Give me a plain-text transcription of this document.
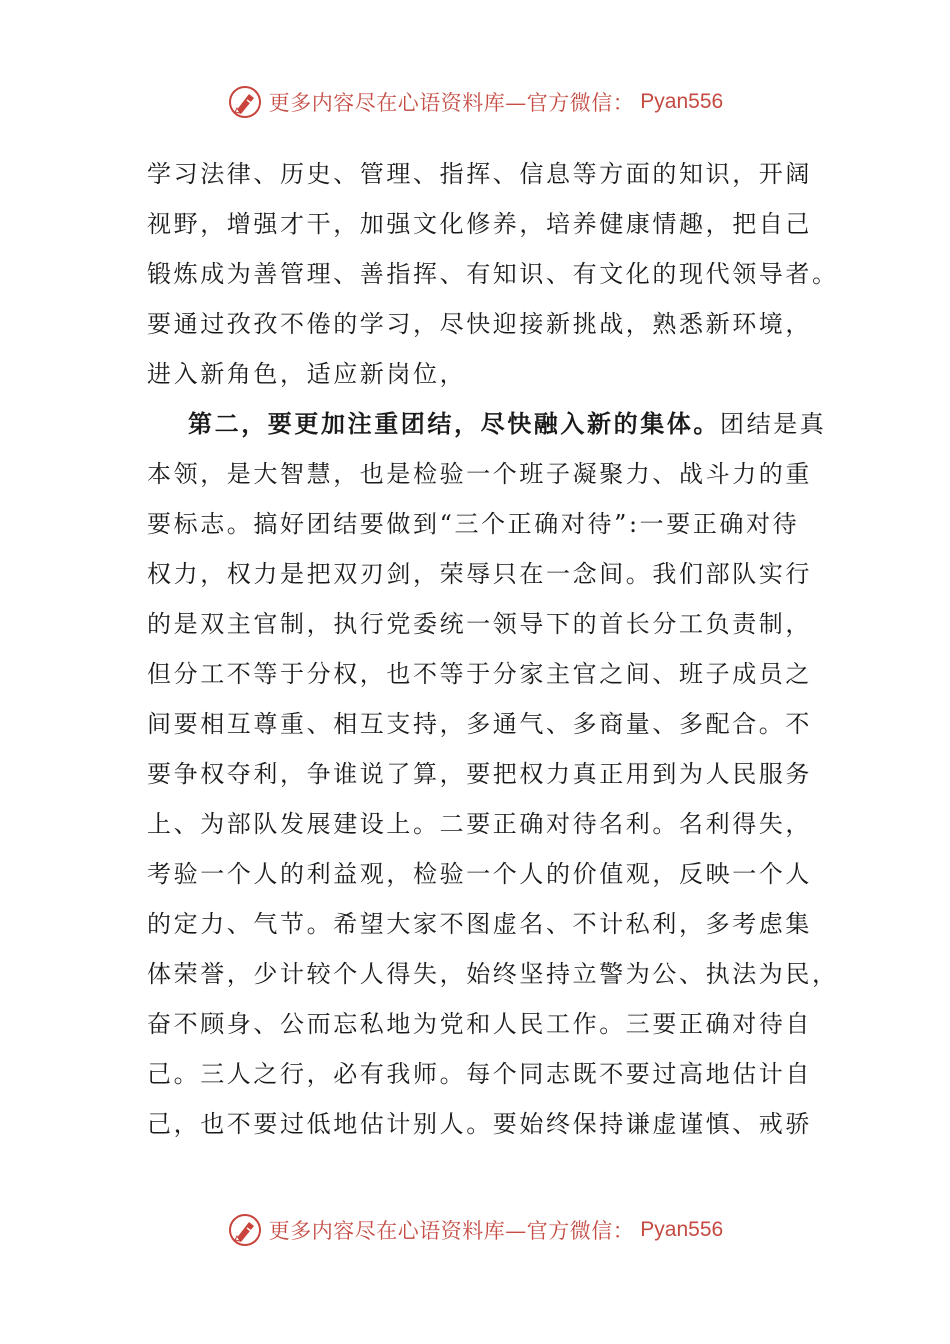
更多内容尽在心语资料库—官方微信： Pyan556
学习法律、历史、管理、指挥、信息等方面的知识，开阔
视野，增强才干，加强文化修养，培养健康情趣，把自己
锻炼成为善管理、善指挥、有知识、有文化的现代领导者。
要通过孜孜不倦的学习，尽快迎接新挑战，熟悉新环境，
进入新角色，适应新岗位，
第二，要更加注重团结，尽快融入新的集体。团结是真
本领，是大智慧，也是检验一个班子凝聚力、战斗力的重
要标志。搞好团结要做到“三个正确对待”:一要正确对待
权力，权力是把双刃剑，荣辱只在一念间。我们部队实行
的是双主官制，执行党委统一领导下的首长分工负责制，
但分工不等于分权，也不等于分家主官之间、班子成员之
间要相互尊重、相互支持，多通气、多商量、多配合。不
要争权夺利，争谁说了算，要把权力真正用到为人民服务
上、为部队发展建设上。二要正确对待名利。名利得失，
考验一个人的利益观，检验一个人的价值观，反映一个人
的定力、气节。希望大家不图虚名、不计私利，多考虑集
体荣誉，少计较个人得失，始终坚持立警为公、执法为民，
奋不顾身、公而忘私地为党和人民工作。三要正确对待自
己。三人之行，必有我师。每个同志既不要过高地估计自
己，也不要过低地估计别人。要始终保持谦虚谨慎、戒骄
更多内容尽在心语资料库—官方微信： Pyan556
